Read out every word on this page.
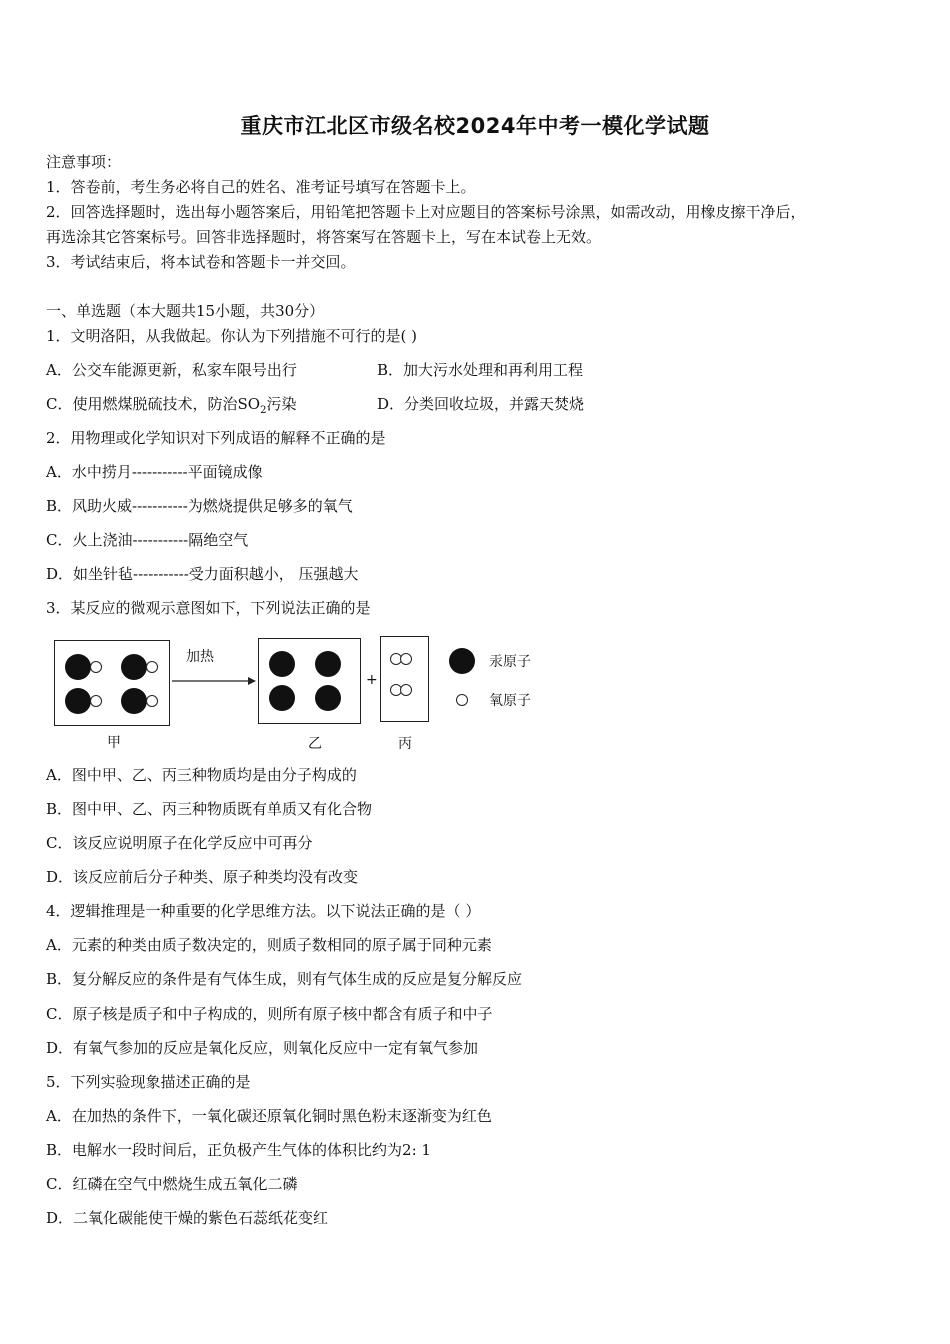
重庆市江北区市级名校2024年中考一模化学试题
注意事项：
1．答卷前，考生务必将自己的姓名、准考证号填写在答题卡上。
2．回答选择题时，选出每小题答案后，用铅笔把答题卡上对应题目的答案标号涂黑，如需改动，用橡皮擦干净后，
再选涂其它答案标号。回答非选择题时，将答案写在答题卡上，写在本试卷上无效。
3．考试结束后，将本试卷和答题卡一并交回。
一、单选题（本大题共15小题，共30分）
1．文明洛阳，从我做起。你认为下列措施不可行的是( )
A．公交车能源更新，私家车限号出行	B．加大污水处理和再利用工程
C．使用燃煤脱硫技术，防治$SO_2$污染	D．分类回收垃圾，并露天焚烧
2．用物理或化学知识对下列成语的解释不正确的是
A．水中捞月-----------平面镜成像
B．风助火威-----------为燃烧提供足够多的氧气
C．火上浇油-----------隔绝空气
D．如坐针毡-----------受力面积越小， 压强越大
3．某反应的微观示意图如下，下列说法正确的是
甲
加热
乙
+
丙
汞原子
氧原子
A．图中甲、乙、丙三种物质均是由分子构成的
B．图中甲、乙、丙三种物质既有单质又有化合物
C．该反应说明原子在化学反应中可再分
D．该反应前后分子种类、原子种类均没有改变
4．逻辑推理是一种重要的化学思维方法。以下说法正确的是（ ）
A．元素的种类由质子数决定的，则质子数相同的原子属于同种元素
B．复分解反应的条件是有气体生成，则有气体生成的反应是复分解反应
C．原子核是质子和中子构成的，则所有原子核中都含有质子和中子
D．有氧气参加的反应是氧化反应，则氧化反应中一定有氧气参加
5．下列实验现象描述正确的是
A．在加热的条件下，一氧化碳还原氧化铜时黑色粉末逐渐变为红色
B．电解水一段时间后，正负极产生气体的体积比约为2: 1
C．红磷在空气中燃烧生成五氧化二磷
D．二氧化碳能使干燥的紫色石蕊纸花变红
